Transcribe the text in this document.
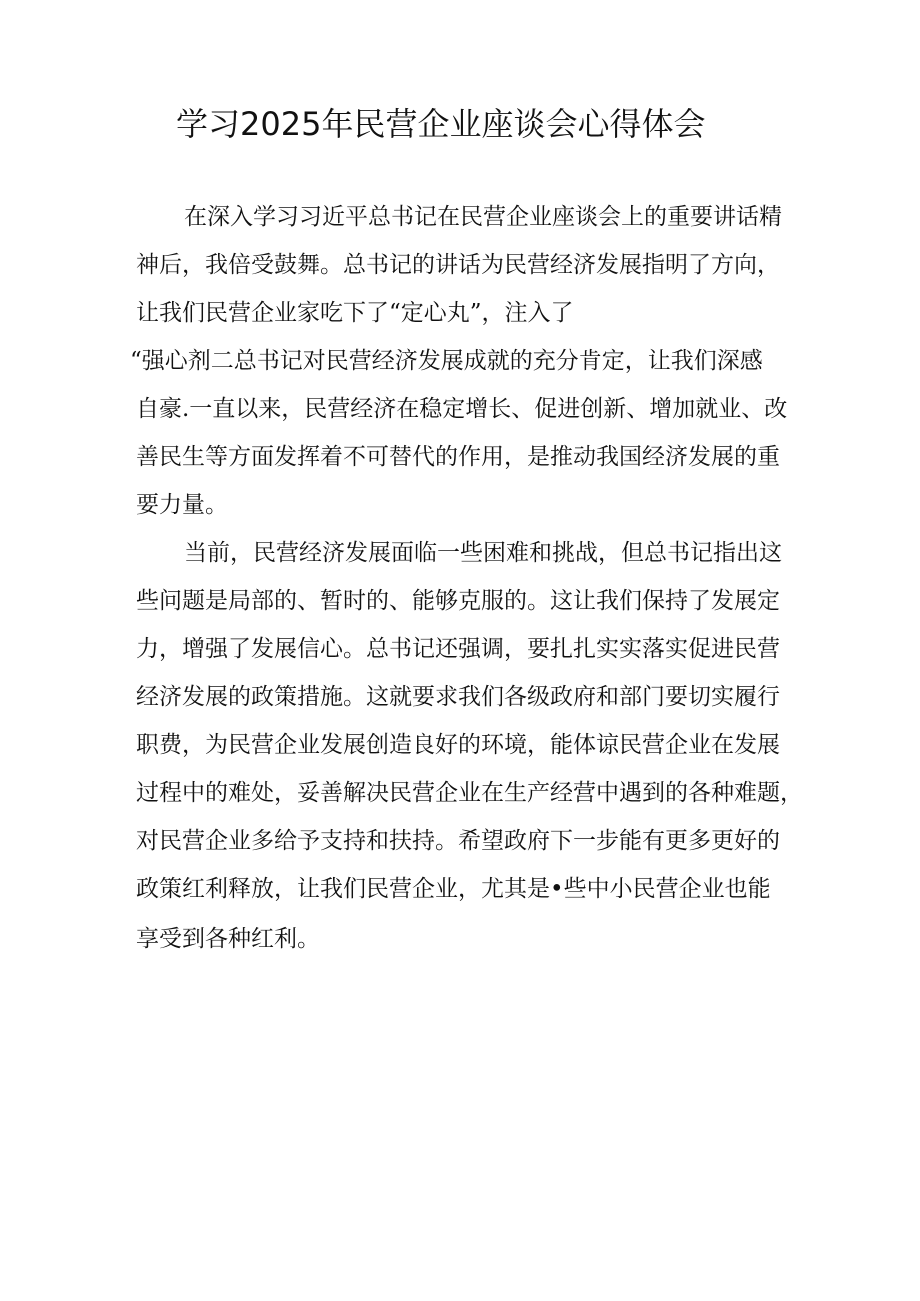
学习2025年民营企业座谈会心得体会

在深入学习习近平总书记在民营企业座谈会上的重要讲话精

神后，我倍受鼓舞。总书记的讲话为民营经济发展指明了方向，

让我们民营企业家吃下了“定心丸”，注入了

“强心剂二总书记对民营经济发展成就的充分肯定，让我们深感

自豪.一直以来，民营经济在稳定增长、促进创新、增加就业、改

善民生等方面发挥着不可替代的作用，是推动我国经济发展的重

要力量。

当前，民营经济发展面临一些困难和挑战，但总书记指出这

些问题是局部的、暂时的、能够克服的。这让我们保持了发展定

力，增强了发展信心。总书记还强调，要扎扎实实落实促进民营

经济发展的政策措施。这就要求我们各级政府和部门要切实履行

职费，为民营企业发展创造良好的环境，能体谅民营企业在发展

过程中的难处，妥善解决民营企业在生产经营中遇到的各种难题，

对民营企业多给予支持和扶持。希望政府下一步能有更多更好的

政策红利释放，让我们民营企业，尤其是•些中小民营企业也能

享受到各种红利。
